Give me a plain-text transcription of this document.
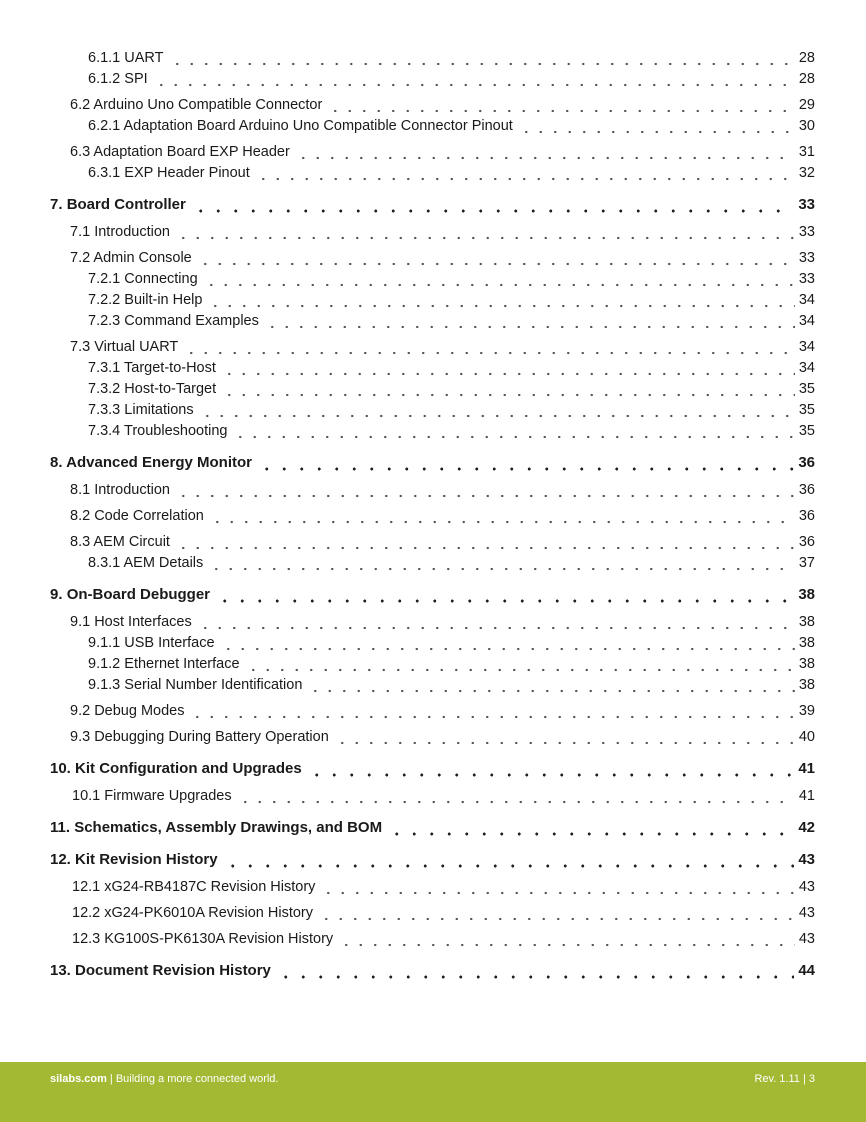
6.1.1 UART	28
6.1.2 SPI	28
6.2 Arduino Uno Compatible Connector	29
6.2.1 Adaptation Board Arduino Uno Compatible Connector Pinout	30
6.3 Adaptation Board EXP Header	31
6.3.1 EXP Header Pinout	32
7. Board Controller	33
7.1 Introduction	33
7.2 Admin Console	33
7.2.1 Connecting	33
7.2.2 Built-in Help	34
7.2.3 Command Examples	34
7.3 Virtual UART	34
7.3.1 Target-to-Host	34
7.3.2 Host-to-Target	35
7.3.3 Limitations	35
7.3.4 Troubleshooting	35
8. Advanced Energy Monitor	36
8.1 Introduction	36
8.2 Code Correlation	36
8.3 AEM Circuit	36
8.3.1 AEM Details	37
9. On-Board Debugger	38
9.1 Host Interfaces	38
9.1.1 USB Interface	38
9.1.2 Ethernet Interface	38
9.1.3 Serial Number Identification	38
9.2 Debug Modes	39
9.3 Debugging During Battery Operation	40
10. Kit Configuration and Upgrades	41
10.1 Firmware Upgrades	41
11. Schematics, Assembly Drawings, and BOM	42
12. Kit Revision History	43
12.1 xG24-RB4187C Revision History	43
12.2 xG24-PK6010A Revision History	43
12.3 KG100S-PK6130A Revision History	43
13. Document Revision History	44
silabs.com | Building a more connected world.	Rev. 1.11 | 3
